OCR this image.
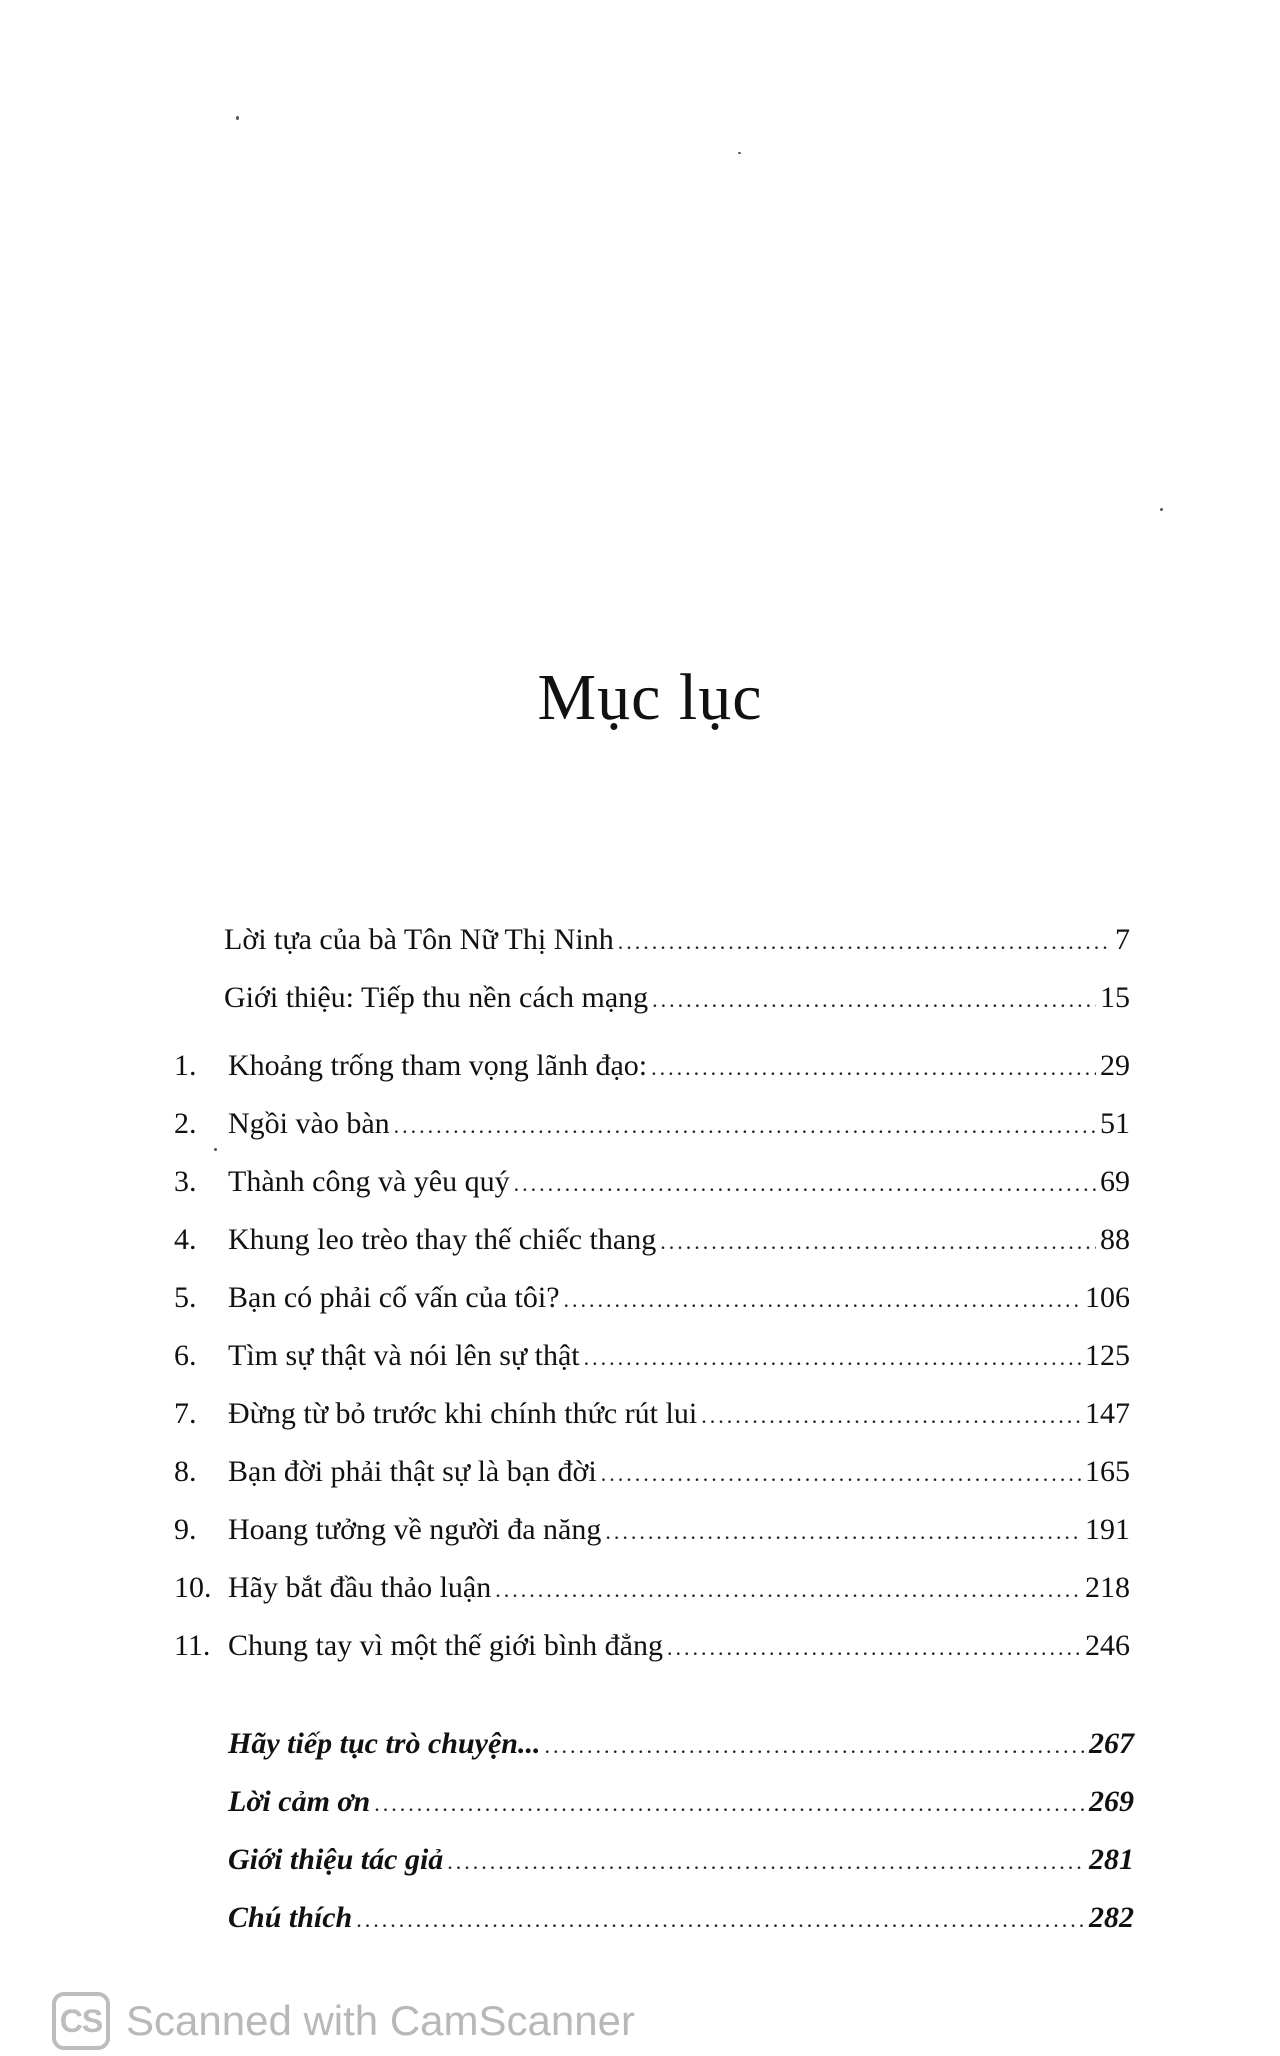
Mục lục
Lời tựa của bà Tôn Nữ Thị Ninh .....	7
Giới thiệu: Tiếp thu nền cách mạng .....	15
1.	Khoảng trống tham vọng lãnh đạo: .....	29
2.	Ngồi vào bàn .....	51
3.	Thành công và yêu quý .....	69
4.	Khung leo trèo thay thế chiếc thang .....	88
5.	Bạn có phải cố vấn của tôi? .....	106
6.	Tìm sự thật và nói lên sự thật .....	125
7.	Đừng từ bỏ trước khi chính thức rút lui .....	147
8.	Bạn đời phải thật sự là bạn đời .....	165
9.	Hoang tưởng về người đa năng .....	191
10. Hãy bắt đầu thảo luận .....	218
11. Chung tay vì một thế giới bình đẳng .....	246
Hãy tiếp tục trò chuyện... .....	267
Lời cảm ơn .....	269
Giới thiệu tác giả .....	281
Chú thích .....	282
CS Scanned with CamScanner
